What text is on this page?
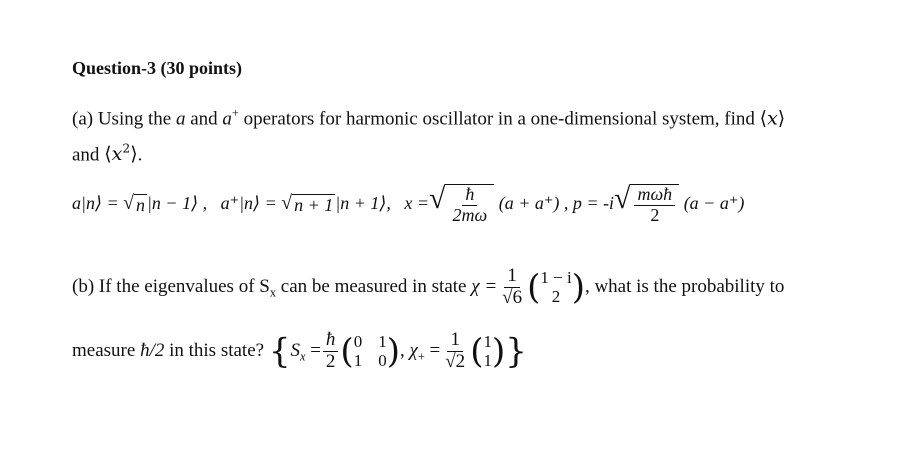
Question-3 (30 points)
(a) Using the a and a+ operators for harmonic oscillator in a one-dimensional system, find ⟨x⟩
and $⟨x^2⟩$.
a|n⟩ = √ n |n − 1⟩ , a⁺|n⟩ = √ n + 1 |n + 1⟩, x = √ $\frac{ħ}{2m\omega} (a + a^+)$ , p = -i √ $\frac{\text{mωħ}}{2} (a - a^+)$
(b) If the eigenvalues of $S_x$ can be measured in state $\chi = \frac{1}{√6}$ ( 1 − i
2 ), what is the probability to
measure ħ/2 in this state? {$S_x = \frac{ħ}{2}$ ( 0 1
1 0 ), $\chi_+ = \frac{1}{√2}$ ( 1
1 )}
